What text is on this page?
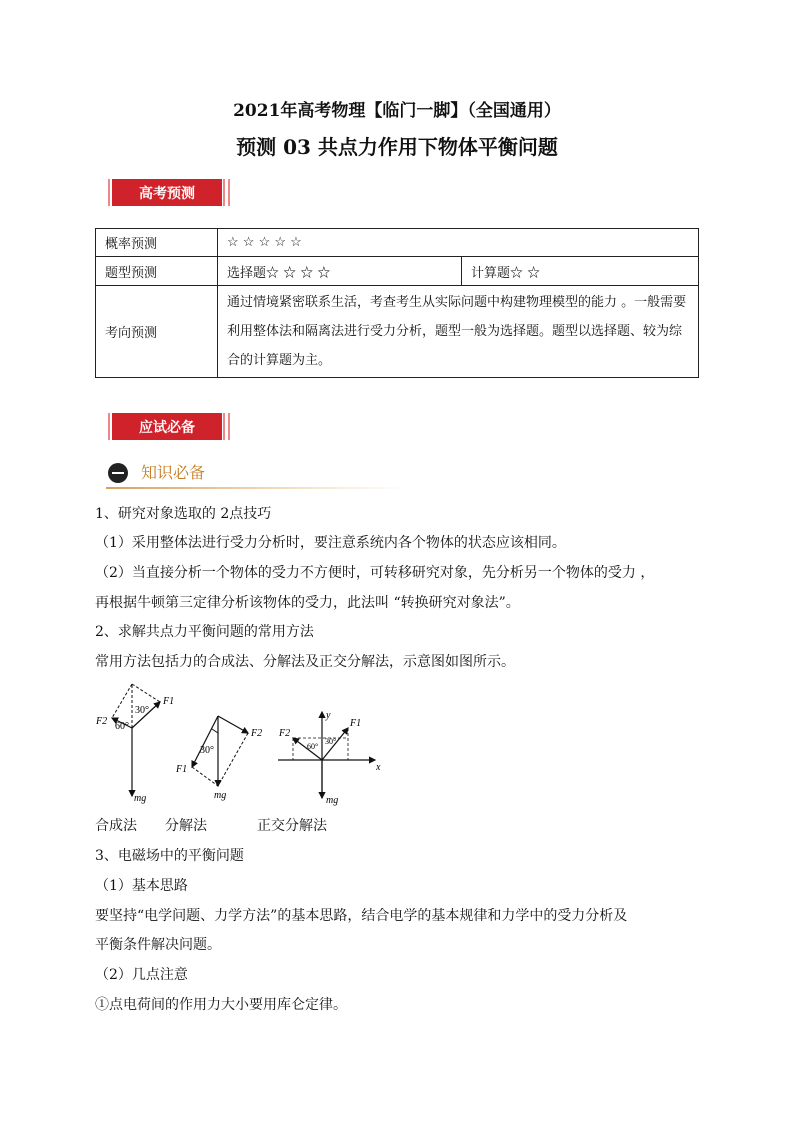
2021年高考物理【临门一脚】（全国通用）
预测 03 共点力作用下物体平衡问题
高考预测
概率预测	☆ ☆ ☆ ☆ ☆	
题型预测	选择题☆ ☆ ☆ ☆	计算题☆ ☆
考向预测	通过情境紧密联系生活，考查考生从实际问题中构建物理模型的能力 。一般需要利用整体法和隔离法进行受力分析，题型一般为选择题。题型以选择题、较为综合的计算题为主。	
应试必备
知识必备
1、研究对象选取的 2点技巧
（1）采用整体法进行受力分析时，要注意系统内各个物体的状态应该相同。
（2）当直接分析一个物体的受力不方便时，可转移研究对象，先分析另一个物体的受力 ，
再根据牛顿第三定律分析该物体的受力，此法叫 “转换研究对象法”。
2、求解共点力平衡问题的常用方法
常用方法包括力的合成法、分解法及正交分解法，示意图如图所示。
F1
F2
30°
60°
mg
F2
F1
30°
mg
F2
F1
y
x
60°
30°
mg
合成法 分解法	正交分解法
3、电磁场中的平衡问题
（1）基本思路
要坚持“电学问题、力学方法”的基本思路，结合电学的基本规律和力学中的受力分析及
平衡条件解决问题。
（2）几点注意
①点电荷间的作用力大小要用库仑定律。
